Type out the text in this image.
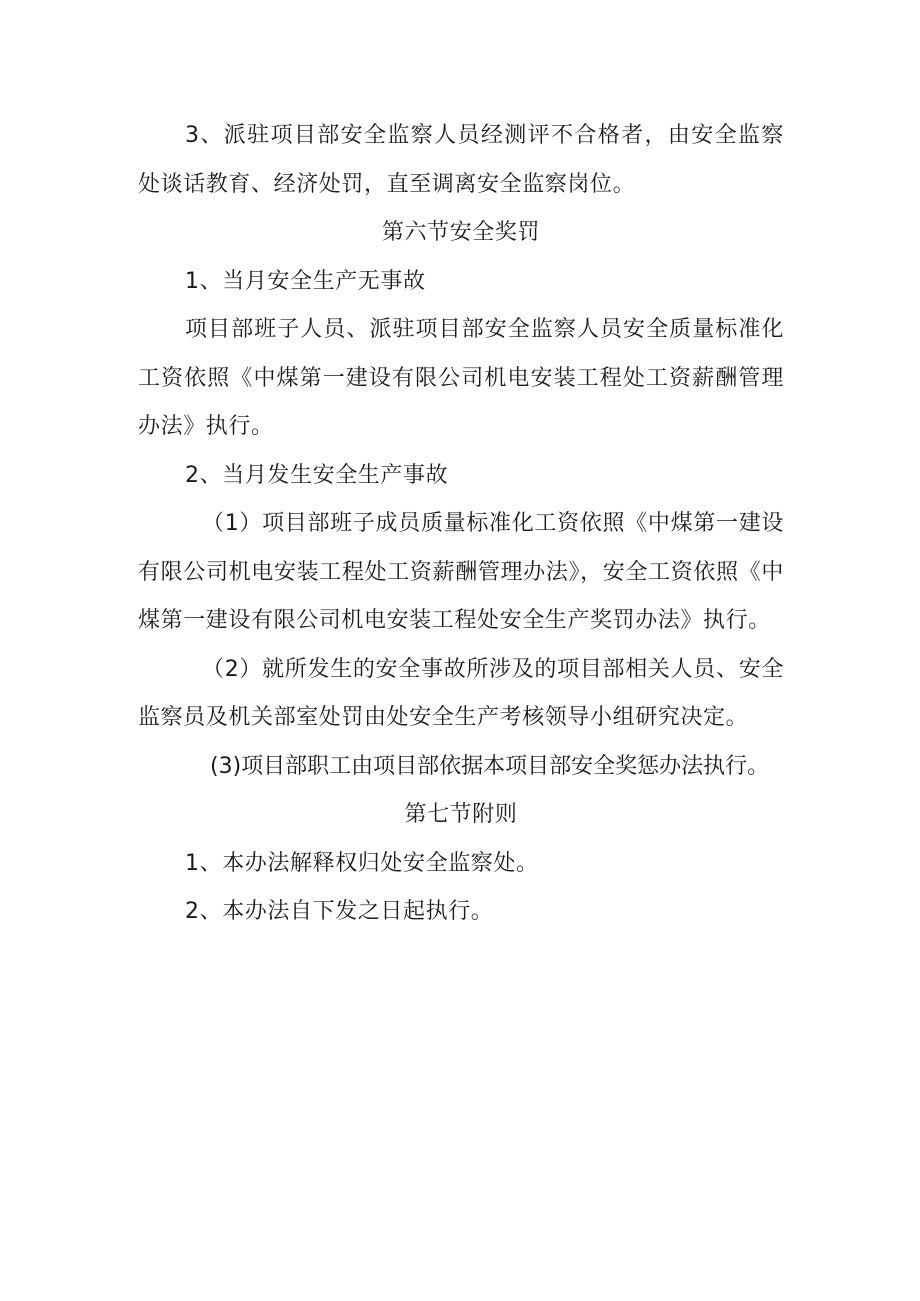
3、派驻项目部安全监察人员经测评不合格者，由安全监察处谈话教育、经济处罚，直至调离安全监察岗位。

第六节安全奖罚

1、当月安全生产无事故

项目部班子人员、派驻项目部安全监察人员安全质量标准化工资依照《中煤第一建设有限公司机电安装工程处工资薪酬管理办法》执行。

2、当月发生安全生产事故

（1）项目部班子成员质量标准化工资依照《中煤第一建设有限公司机电安装工程处工资薪酬管理办法》，安全工资依照《中煤第一建设有限公司机电安装工程处安全生产奖罚办法》执行。

（2）就所发生的安全事故所涉及的项目部相关人员、安全监察员及机关部室处罚由处安全生产考核领导小组研究决定。

(3)项目部职工由项目部依据本项目部安全奖惩办法执行。

第七节附则

1、本办法解释权归处安全监察处。

2、本办法自下发之日起执行。
